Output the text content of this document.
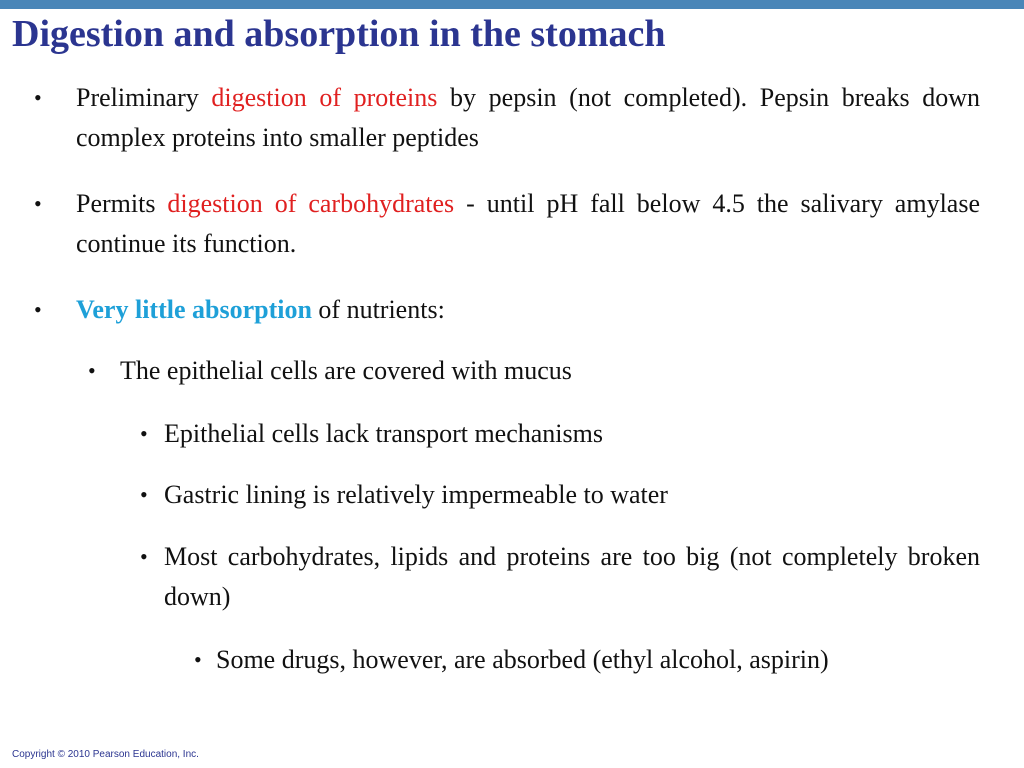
Digestion and absorption in the stomach
• Preliminary digestion of proteins by pepsin (not completed). Pepsin breaks down complex proteins into smaller peptides
• Permits digestion of carbohydrates - until pH fall below 4.5 the salivary amylase continue its function.
• Very little absorption of nutrients:
• The epithelial cells are covered with mucus
• Epithelial cells lack transport mechanisms
• Gastric lining is relatively impermeable to water
• Most carbohydrates, lipids and proteins are too big (not completely broken down)
• Some drugs, however, are absorbed (ethyl alcohol, aspirin)
Copyright © 2010 Pearson Education, Inc.
